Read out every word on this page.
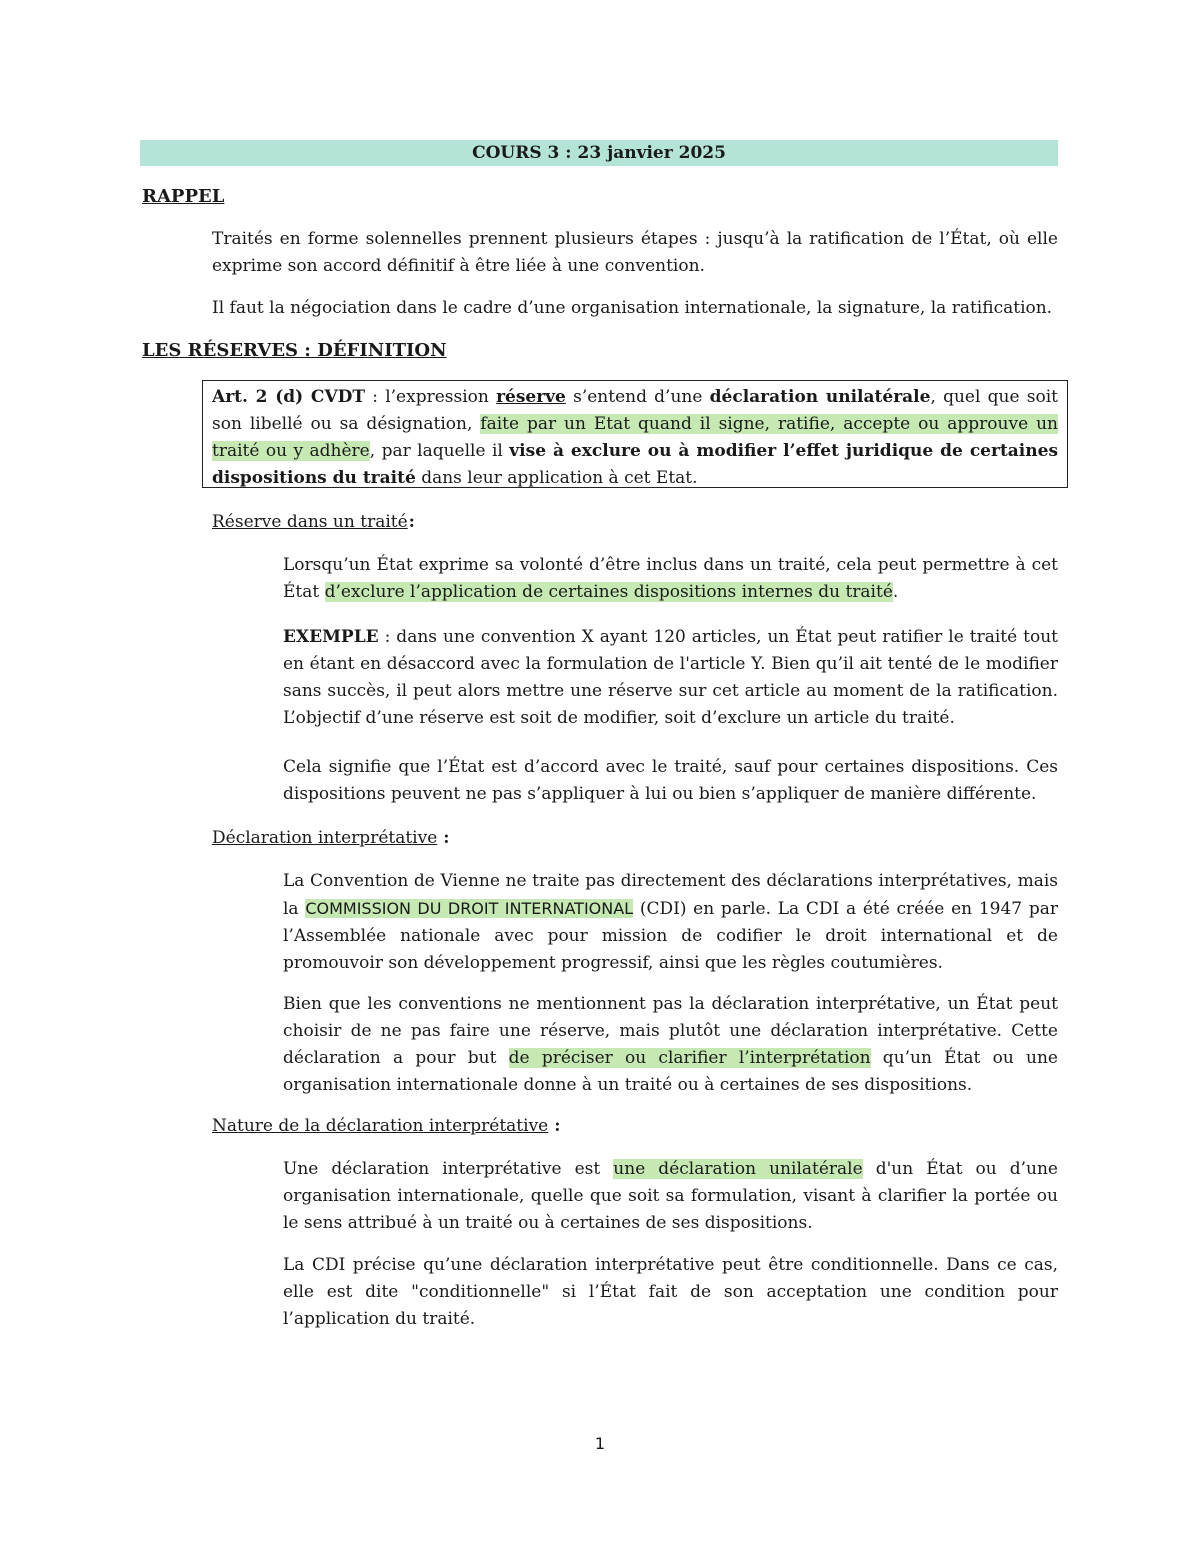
COURS 3 : 23 janvier 2025
RAPPEL
Traités en forme solennelles prennent plusieurs étapes : jusqu’à la ratification de l’État, où elle exprime son accord définitif à être liée à une convention.
Il faut la négociation dans le cadre d’une organisation internationale, la signature, la ratification.
LES RÉSERVES : DÉFINITION
Art. 2 (d) CVDT : l’expression réserve s’entend d’une déclaration unilatérale, quel que soit son libellé ou sa désignation, faite par un Etat quand il signe, ratifie, accepte ou approuve un traité ou y adhère, par laquelle il vise à exclure ou à modifier l’effet juridique de certaines dispositions du traité dans leur application à cet Etat.
Réserve dans un traité:
Lorsqu’un État exprime sa volonté d’être inclus dans un traité, cela peut permettre à cet État d’exclure l’application de certaines dispositions internes du traité.
EXEMPLE : dans une convention X ayant 120 articles, un État peut ratifier le traité tout en étant en désaccord avec la formulation de l'article Y. Bien qu’il ait tenté de le modifier sans succès, il peut alors mettre une réserve sur cet article au moment de la ratification. L’objectif d’une réserve est soit de modifier, soit d’exclure un article du traité.
Cela signifie que l’État est d’accord avec le traité, sauf pour certaines dispositions. Ces dispositions peuvent ne pas s’appliquer à lui ou bien s’appliquer de manière différente.
Déclaration interprétative :
La Convention de Vienne ne traite pas directement des déclarations interprétatives, mais la COMMISSION DU DROIT INTERNATIONAL (CDI) en parle. La CDI a été créée en 1947 par l’Assemblée nationale avec pour mission de codifier le droit international et de promouvoir son développement progressif, ainsi que les règles coutumières.
Bien que les conventions ne mentionnent pas la déclaration interprétative, un État peut choisir de ne pas faire une réserve, mais plutôt une déclaration interprétative. Cette déclaration a pour but de préciser ou clarifier l’interprétation qu’un État ou une organisation internationale donne à un traité ou à certaines de ses dispositions.
Nature de la déclaration interprétative :
Une déclaration interprétative est une déclaration unilatérale d'un État ou d’une organisation internationale, quelle que soit sa formulation, visant à clarifier la portée ou le sens attribué à un traité ou à certaines de ses dispositions.
La CDI précise qu’une déclaration interprétative peut être conditionnelle. Dans ce cas, elle est dite "conditionnelle" si l’État fait de son acceptation une condition pour l’application du traité.
1
